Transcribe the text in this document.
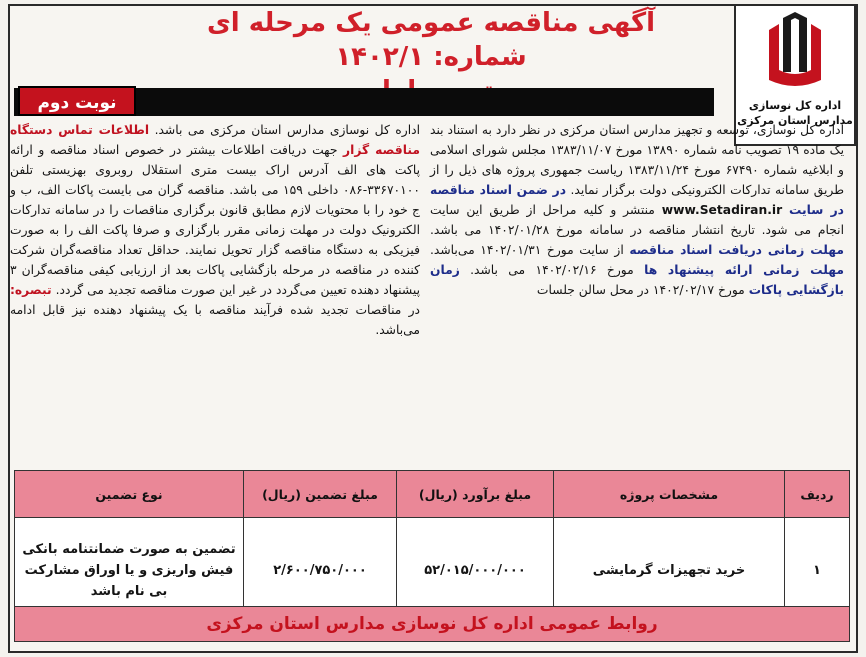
آگهی مناقصه عمومی یک مرحله ای شماره: ۱۴۰۲/۱
اداره کل نوسازی
مدارس استان مرکزی
نوبت دوم
اداره کل نوسازی، توسعه و تجهیز مدارس استان مرکزی در نظر دارد به استناد بند یک ماده ۱۹ تصویب نامه شماره ۱۳۸۹۰ مورخ ۱۳۸۳/۱۱/۰۷ مجلس شورای اسلامی و ابلاغیه شماره ۶۷۴۹۰ مورخ ۱۳۸۳/۱۱/۲۴ ریاست جمهوری پروژه های ذیل را از طریق سامانه تدارکات الکترونیکی دولت برگزار نماید. در ضمن اسناد مناقصه در سایت www.Setadiran.ir منتشر و کلیه مراحل از طریق این سایت انجام می شود. تاریخ انتشار مناقصه در سامانه مورخ ۱۴۰۲/۰۱/۲۸ می باشد. مهلت زمانی دریافت اسناد مناقصه از سایت مورخ ۱۴۰۲/۰۱/۳۱ می‌باشد. مهلت زمانی ارائه پیشنهاد ها مورخ ۱۴۰۲/۰۲/۱۶ می باشد. زمان بازگشایی پاکات مورخ ۱۴۰۲/۰۲/۱۷ در محل سالن جلسات
اداره کل نوسازی مدارس استان مرکزی می باشد. اطلاعات تماس دستگاه مناقصه گزار جهت دریافت اطلاعات بیشتر در خصوص اسناد مناقصه و ارائه پاکت های الف آدرس اراک بیست متری استقلال روبروی بهزیستی تلفن ۳۳۶۷۰۱۰۰-۰۸۶ داخلی ۱۵۹ می باشد. مناقصه گران می بایست پاکات الف، ب و ج خود را با محتویات لازم مطابق قانون برگزاری مناقصات را در سامانه تدارکات الکترونیک دولت در مهلت زمانی مقرر بارگزاری و صرفا پاکت الف را به صورت فیزیکی به دستگاه مناقصه گزار تحویل نمایند. حداقل تعداد مناقصه‌گران شرکت کننده در مناقصه در مرحله بازگشایی پاکات بعد از ارزیابی کیفی مناقصه‌گران ۳ پیشنهاد دهنده تعیین می‌گردد در غیر این صورت مناقصه تجدید می گردد. تبصره: در مناقصات تجدید شده فرآیند مناقصه با یک پیشنهاد دهنده نیز قابل ادامه می‌باشد.
ردیف	مشخصات پروژه	مبلغ برآورد (ریال)	مبلغ تضمین (ریال)	نوع تضمین
۱	خرید تجهیزات گرمایشی	۵۲/۰۱۵/۰۰۰/۰۰۰	۲/۶۰۰/۷۵۰/۰۰۰	تضمین به صورت ضمانتنامه بانکی فیش واریزی و یا اوراق مشارکت بی نام باشد
روابط عمومی اداره کل نوسازی مدارس استان مرکزی
